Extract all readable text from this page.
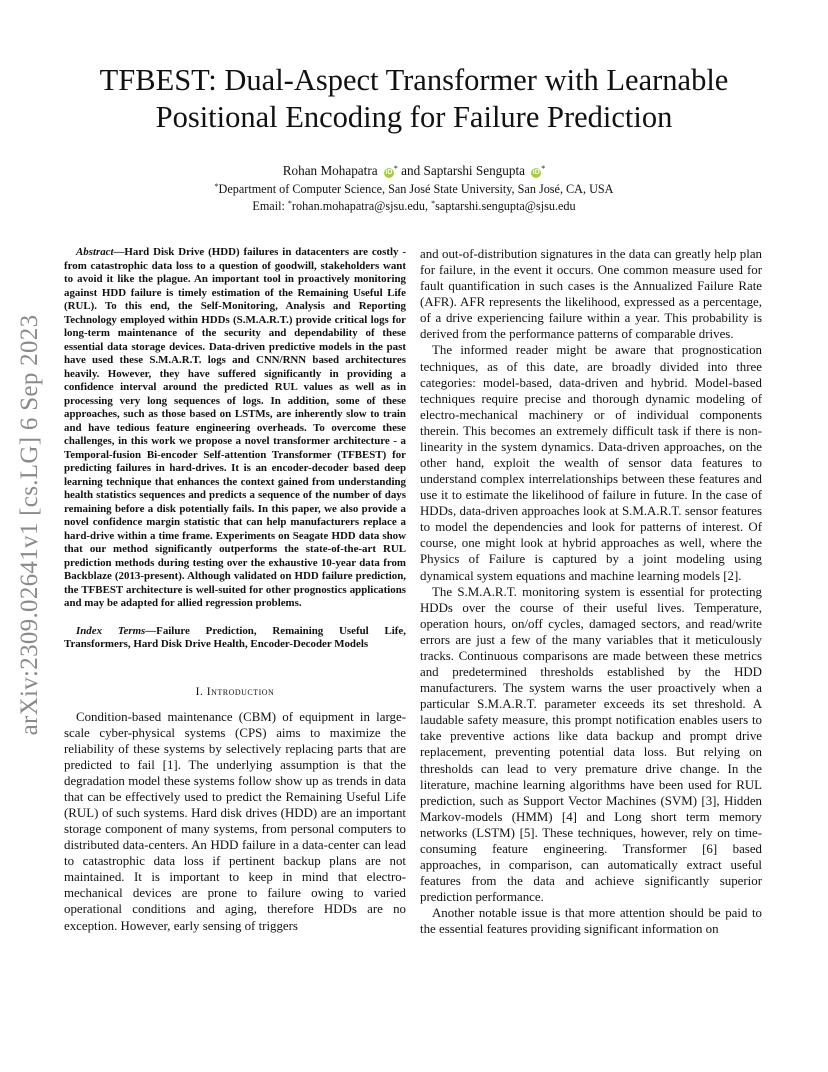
arXiv:2309.02641v1 [cs.LG] 6 Sep 2023
TFBEST: Dual-Aspect Transformer with Learnable Positional Encoding for Failure Prediction
Rohan Mohapatra iD * and Saptarshi Sengupta iD *
*Department of Computer Science, San José State University, San José, CA, USA
Email: *rohan.mohapatra@sjsu.edu, *saptarshi.sengupta@sjsu.edu

Abstract—Hard Disk Drive (HDD) failures in datacenters are costly - from catastrophic data loss to a question of goodwill, stakeholders want to avoid it like the plague. An important tool in proactively monitoring against HDD failure is timely estimation of the Remaining Useful Life (RUL). To this end, the Self-Monitoring, Analysis and Reporting Technology employed within HDDs (S.M.A.R.T.) provide critical logs for long-term maintenance of the security and dependability of these essential data storage devices. Data-driven predictive models in the past have used these S.M.A.R.T. logs and CNN/RNN based architectures heavily. However, they have suffered significantly in providing a confidence interval around the predicted RUL values as well as in processing very long sequences of logs. In addition, some of these approaches, such as those based on LSTMs, are inherently slow to train and have tedious feature engineering overheads. To overcome these challenges, in this work we propose a novel transformer architecture - a Temporal-fusion Bi-encoder Self-attention Transformer (TFBEST) for predicting failures in hard-drives. It is an encoder-decoder based deep learning technique that enhances the context gained from understanding health statistics sequences and predicts a sequence of the number of days remaining before a disk potentially fails. In this paper, we also provide a novel confidence margin statistic that can help manufacturers replace a hard-drive within a time frame. Experiments on Seagate HDD data show that our method significantly outperforms the state-of-the-art RUL prediction methods during testing over the exhaustive 10-year data from Backblaze (2013-present). Although validated on HDD failure prediction, the TFBEST architecture is well-suited for other prognostics applications and may be adapted for allied regression problems.

Index Terms—Failure Prediction, Remaining Useful Life, Transformers, Hard Disk Drive Health, Encoder-Decoder Models

I. Introduction

Condition-based maintenance (CBM) of equipment in large-scale cyber-physical systems (CPS) aims to maximize the reliability of these systems by selectively replacing parts that are predicted to fail [1]. The underlying assumption is that the degradation model these systems follow show up as trends in data that can be effectively used to predict the Remaining Useful Life (RUL) of such systems. Hard disk drives (HDD) are an important storage component of many systems, from personal computers to distributed data-centers. An HDD failure in a data-center can lead to catastrophic data loss if pertinent backup plans are not maintained. It is important to keep in mind that electro-mechanical devices are prone to failure owing to varied operational conditions and aging, therefore HDDs are no exception. However, early sensing of triggers

and out-of-distribution signatures in the data can greatly help plan for failure, in the event it occurs. One common measure used for fault quantification in such cases is the Annualized Failure Rate (AFR). AFR represents the likelihood, expressed as a percentage, of a drive experiencing failure within a year. This probability is derived from the performance patterns of comparable drives.

The informed reader might be aware that prognostication techniques, as of this date, are broadly divided into three categories: model-based, data-driven and hybrid. Model-based techniques require precise and thorough dynamic modeling of electro-mechanical machinery or of individual components therein. This becomes an extremely difficult task if there is non-linearity in the system dynamics. Data-driven approaches, on the other hand, exploit the wealth of sensor data features to understand complex interrelationships between these features and use it to estimate the likelihood of failure in future. In the case of HDDs, data-driven approaches look at S.M.A.R.T. sensor features to model the dependencies and look for patterns of interest. Of course, one might look at hybrid approaches as well, where the Physics of Failure is captured by a joint modeling using dynamical system equations and machine learning models [2].

The S.M.A.R.T. monitoring system is essential for protecting HDDs over the course of their useful lives. Temperature, operation hours, on/off cycles, damaged sectors, and read/write errors are just a few of the many variables that it meticulously tracks. Continuous comparisons are made between these metrics and predetermined thresholds established by the HDD manufacturers. The system warns the user proactively when a particular S.M.A.R.T. parameter exceeds its set threshold. A laudable safety measure, this prompt notification enables users to take preventive actions like data backup and prompt drive replacement, preventing potential data loss. But relying on thresholds can lead to very premature drive change. In the literature, machine learning algorithms have been used for RUL prediction, such as Support Vector Machines (SVM) [3], Hidden Markov-models (HMM) [4] and Long short term memory networks (LSTM) [5]. These techniques, however, rely on time-consuming feature engineering. Transformer [6] based approaches, in comparison, can automatically extract useful features from the data and achieve significantly superior prediction performance.

Another notable issue is that more attention should be paid to the essential features providing significant information on
